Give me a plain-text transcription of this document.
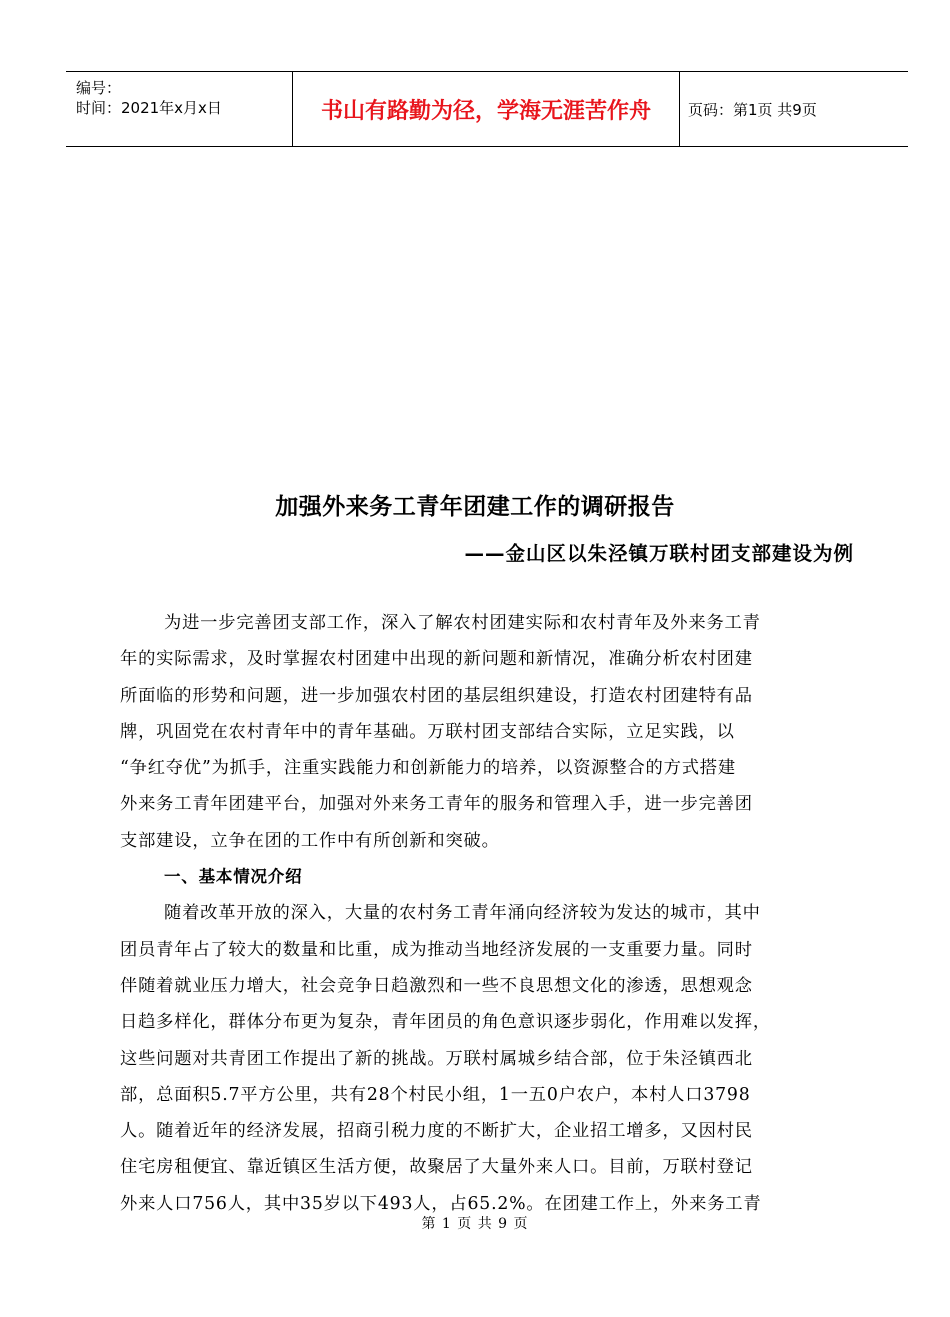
编号：
时间：2021年x月x日	书山有路勤为径，学海无涯苦作舟	页码：第1页 共9页
加强外来务工青年团建工作的调研报告
——金山区以朱泾镇万联村团支部建设为例
为进一步完善团支部工作，深入了解农村团建实际和农村青年及外来务工青
年的实际需求，及时掌握农村团建中出现的新问题和新情况，准确分析农村团建
所面临的形势和问题，进一步加强农村团的基层组织建设，打造农村团建特有品
牌，巩固党在农村青年中的青年基础。万联村团支部结合实际，立足实践，以
“争红夺优”为抓手，注重实践能力和创新能力的培养，以资源整合的方式搭建
外来务工青年团建平台，加强对外来务工青年的服务和管理入手，进一步完善团
支部建设，立争在团的工作中有所创新和突破。
一、基本情况介绍
随着改革开放的深入，大量的农村务工青年涌向经济较为发达的城市，其中
团员青年占了较大的数量和比重，成为推动当地经济发展的一支重要力量。同时
伴随着就业压力增大，社会竞争日趋激烈和一些不良思想文化的渗透，思想观念
日趋多样化，群体分布更为复杂，青年团员的角色意识逐步弱化，作用难以发挥，
这些问题对共青团工作提出了新的挑战。万联村属城乡结合部，位于朱泾镇西北
部，总面积5.7平方公里，共有28个村民小组，1一五0户农户，本村人口3798
人。随着近年的经济发展，招商引税力度的不断扩大，企业招工增多，又因村民
住宅房租便宜、靠近镇区生活方便，故聚居了大量外来人口。目前，万联村登记
外来人口756人，其中35岁以下493人，占65.2%。在团建工作上，外来务工青
第 1 页 共 9 页
